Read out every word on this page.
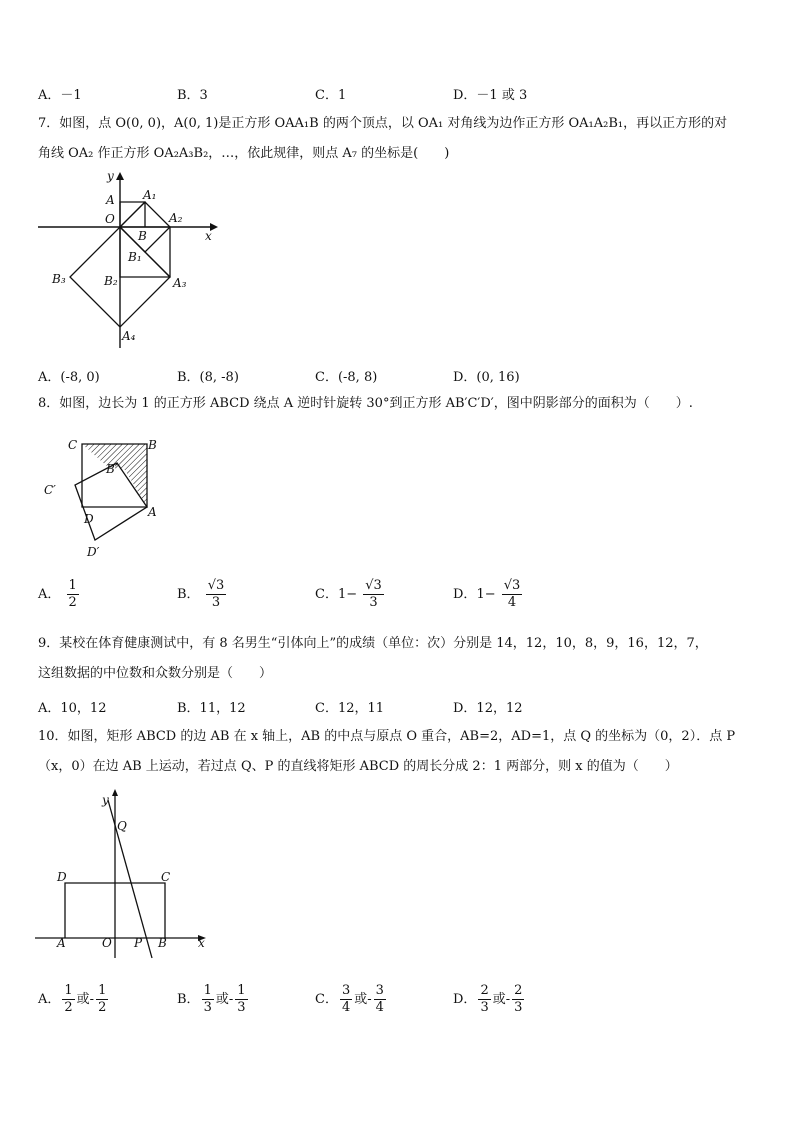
A．－1	B．3	C．1	D．－1 或 3
7．如图，点 O(0, 0)，A(0, 1)是正方形 OAA₁B 的两个顶点，以 OA₁ 对角线为边作正方形 OA₁A₂B₁，再以正方形的对
角线 OA₂ 作正方形 OA₂A₃B₂，…，依此规律，则点 A₇ 的坐标是(　　)
y
x
O
A A₁
A₂
A₃
A₄
B
B₁
B₂
B₃
A．(-8, 0)	B．(8, -8)	C．(-8, 8)	D．(0, 16)
8．如图，边长为 1 的正方形 ABCD 绕点 A 逆时针旋转 30°到正方形 AB′C′D′，图中阴影部分的面积为（　　）.
C	B
B′
C′
D	A
D′
A． $\frac{1}{2}$	B． $\frac{√3}{3}$	C．$1- \frac{√3}{3}$	D．$1- \frac{√3}{4}$
9．某校在体育健康测试中，有 8 名男生“引体向上”的成绩（单位：次）分别是 14，12，10，8，9，16，12，7，
这组数据的中位数和众数分别是（　　）
A．10，12	B．11，12	C．12，11	D．12，12
10．如图，矩形 ABCD 的边 AB 在 x 轴上，AB 的中点与原点 O 重合，AB=2，AD=1，点 Q 的坐标为（0，2）．点 P
（x，0）在边 AB 上运动，若过点 Q、P 的直线将矩形 ABCD 的周长分成 2：1 两部分，则 x 的值为（　　）
y
Q
D	C
A	O P B	x
A． $\frac{1}{2}$ 或- $\frac{1}{2}$	B． $\frac{1}{3}$ 或- $\frac{1}{3}$	C． $\frac{3}{4}$ 或- $\frac{3}{4}$	D． $\frac{2}{3}$ 或- $\frac{2}{3}$
